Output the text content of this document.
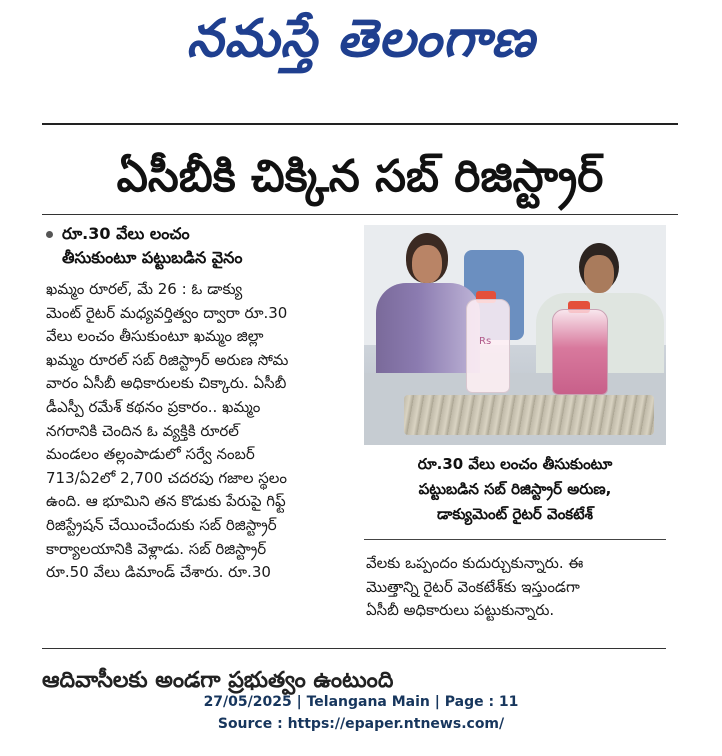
నమస్తే తెలంగాణ
ఏసీబీకి చిక్కిన సబ్ రిజిస్ట్రార్
రూ.30 వేలు లంచం
తీసుకుంటూ పట్టుబడిన వైనం
ఖమ్మం రూరల్, మే 26 : ఓ డాక్యు
మెంట్ రైటర్ మధ్యవర్తిత్వం ద్వారా రూ.30
వేలు లంచం తీసుకుంటూ ఖమ్మం జిల్లా
ఖమ్మం రూరల్ సబ్ రిజిస్ట్రార్ అరుణ సోమ
వారం ఏసీబీ అధికారులకు చిక్కారు. ఏసీబీ
డీఎస్పీ రమేశ్ కథనం ప్రకారం.. ఖమ్మం
నగరానికి చెందిన ఓ వ్యక్తికి రూరల్
మండలం తల్లంపాడులో సర్వే నంబర్
713/ఏ2లో 2,700 చదరపు గజాల స్థలం
ఉంది. ఆ భూమిని తన కొడుకు పేరుపై గిఫ్ట్
రిజిస్ట్రేషన్ చేయించేందుకు సబ్ రిజిస్ట్రార్
కార్యాలయానికి వెళ్లాడు. సబ్ రిజిస్ట్రార్
రూ.50 వేలు డిమాండ్ చేశారు. రూ.30
Rs
రూ.30 వేలు లంచం తీసుకుంటూ
పట్టుబడిన సబ్ రిజిస్ట్రార్ అరుణ,
డాక్యుమెంట్ రైటర్ వెంకటేశ్
వేలకు ఒప్పందం కుదుర్చుకున్నారు. ఈ
మొత్తాన్ని రైటర్ వెంకటేశ్‌కు ఇస్తుండగా
ఏసీబీ అధికారులు పట్టుకున్నారు.
ఆదివాసీలకు అండగా ప్రభుత్వం ఉంటుంది
27/05/2025 | Telangana Main | Page : 11
Source : https://epaper.ntnews.com/
